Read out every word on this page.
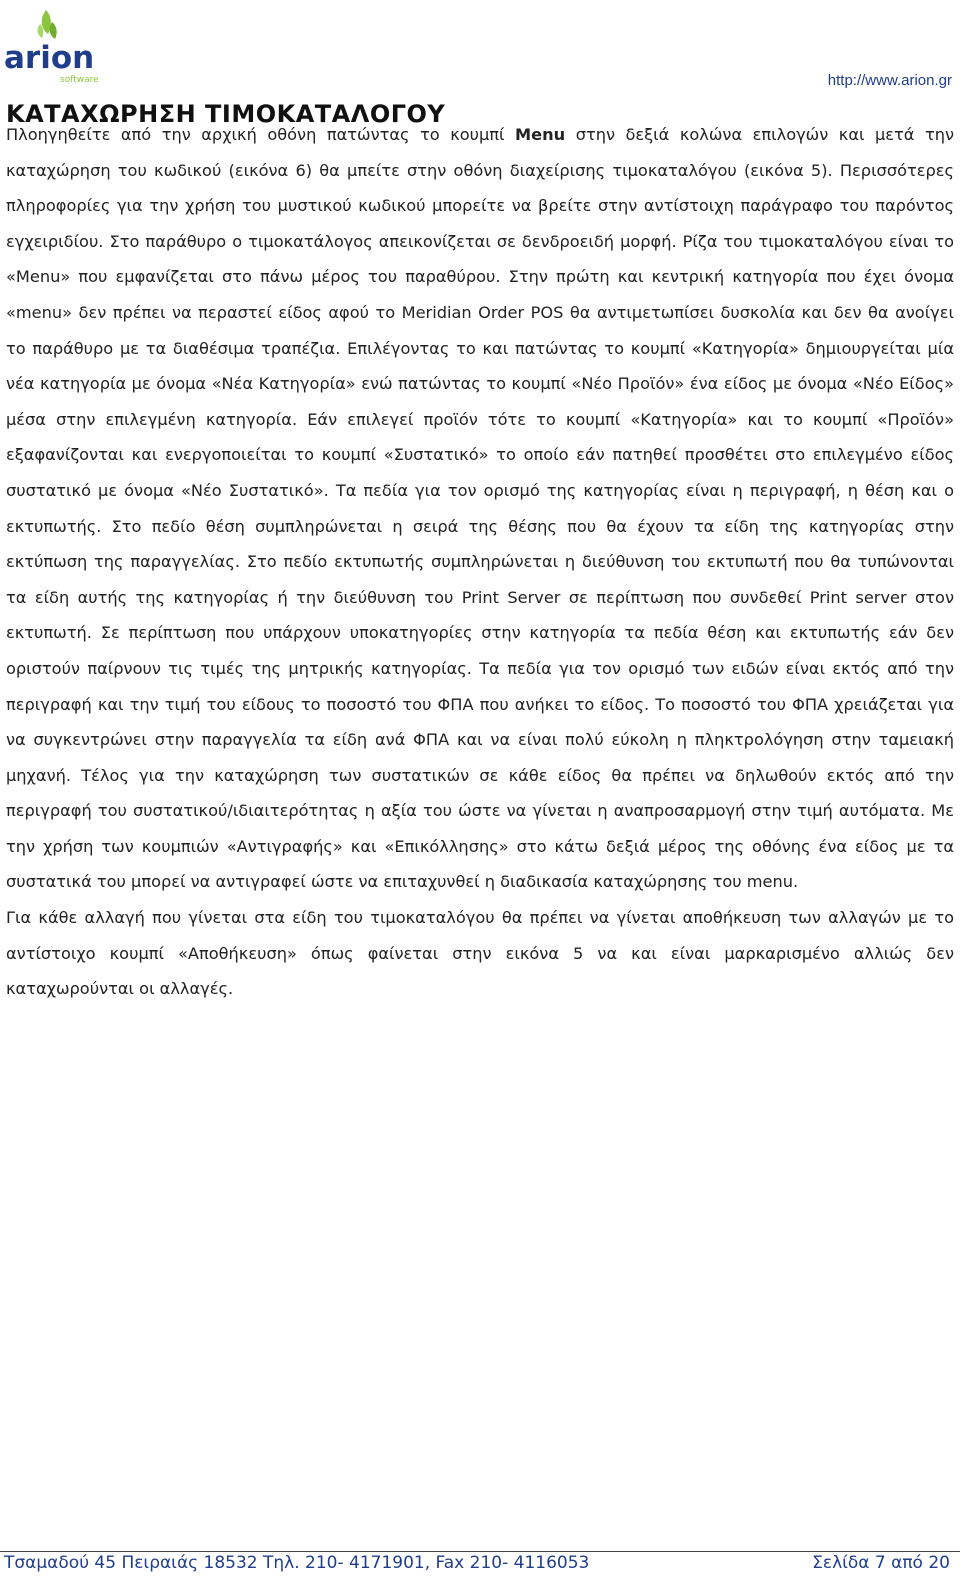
arion
software	http://www.arion.gr
ΚΑΤΑΧΩΡΗΣΗ ΤΙΜΟΚΑΤΑΛΟΓΟΥ

Πλοηγηθείτε από την αρχική οθόνη πατώντας το κουμπί Menu στην δεξιά κολώνα επιλογών και μετά την καταχώρηση του κωδικού (εικόνα 6) θα μπείτε στην οθόνη διαχείρισης τιμοκαταλόγου (εικόνα 5). Περισσότερες πληροφορίες για την χρήση του μυστικού κωδικού μπορείτε να βρείτε στην αντίστοιχη παράγραφο του παρόντος εγχειριδίου. Στο παράθυρο ο τιμοκατάλογος απεικονίζεται σε δενδροειδή μορφή. Ρίζα του τιμοκαταλόγου είναι το «Menu» που εμφανίζεται στο πάνω μέρος του παραθύρου. Στην πρώτη και κεντρική κατηγορία που έχει όνομα «menu» δεν πρέπει να περαστεί είδος αφού το Meridian Order POS θα αντιμετωπίσει δυσκολία και δεν θα ανοίγει το παράθυρο με τα διαθέσιμα τραπέζια. Επιλέγοντας το και πατώντας το κουμπί «Κατηγορία» δημιουργείται μία νέα κατηγορία με όνομα «Νέα Κατηγορία» ενώ πατώντας το κουμπί «Νέο Προϊόν» ένα είδος με όνομα «Νέο Είδος» μέσα στην επιλεγμένη κατηγορία. Εάν επιλεγεί προϊόν τότε το κουμπί «Κατηγορία» και το κουμπί «Προϊόν» εξαφανίζονται και ενεργοποιείται το κουμπί «Συστατικό» το οποίο εάν πατηθεί προσθέτει στο επιλεγμένο είδος συστατικό με όνομα «Νέο Συστατικό». Τα πεδία για τον ορισμό της κατηγορίας είναι η περιγραφή, η θέση και ο εκτυπωτής. Στο πεδίο θέση συμπληρώνεται η σειρά της θέσης που θα έχουν τα είδη της κατηγορίας στην εκτύπωση της παραγγελίας. Στο πεδίο εκτυπωτής συμπληρώνεται η διεύθυνση του εκτυπωτή που θα τυπώνονται τα είδη αυτής της κατηγορίας ή την διεύθυνση του Print Server σε περίπτωση που συνδεθεί Print server στον εκτυπωτή. Σε περίπτωση που υπάρχουν υποκατηγορίες στην κατηγορία τα πεδία θέση και εκτυπωτής εάν δεν οριστούν παίρνουν τις τιμές της μητρικής κατηγορίας. Τα πεδία για τον ορισμό των ειδών είναι εκτός από την περιγραφή και την τιμή του είδους το ποσοστό του ΦΠΑ που ανήκει το είδος. Το ποσοστό του ΦΠΑ χρειάζεται για να συγκεντρώνει στην παραγγελία τα είδη ανά ΦΠΑ και να είναι πολύ εύκολη η πληκτρολόγηση στην ταμειακή μηχανή. Τέλος για την καταχώρηση των συστατικών σε κάθε είδος θα πρέπει να δηλωθούν εκτός από την περιγραφή του συστατικού/ιδιαιτερότητας η αξία του ώστε να γίνεται η αναπροσαρμογή στην τιμή αυτόματα. Με την χρήση των κουμπιών «Αντιγραφής» και «Επικόλλησης» στο κάτω δεξιά μέρος της οθόνης ένα είδος με τα συστατικά του μπορεί να αντιγραφεί ώστε να επιταχυνθεί η διαδικασία καταχώρησης του menu.

Για κάθε αλλαγή που γίνεται στα είδη του τιμοκαταλόγου θα πρέπει να γίνεται αποθήκευση των αλλαγών με το αντίστοιχο κουμπί «Αποθήκευση» όπως φαίνεται στην εικόνα 5 να και είναι μαρκαρισμένο αλλιώς δεν καταχωρούνται οι αλλαγές.

Τσαμαδού 45 Πειραιάς 18532 Τηλ. 210- 4171901, Fax 210- 4116053	Σελίδα 7 από 20
